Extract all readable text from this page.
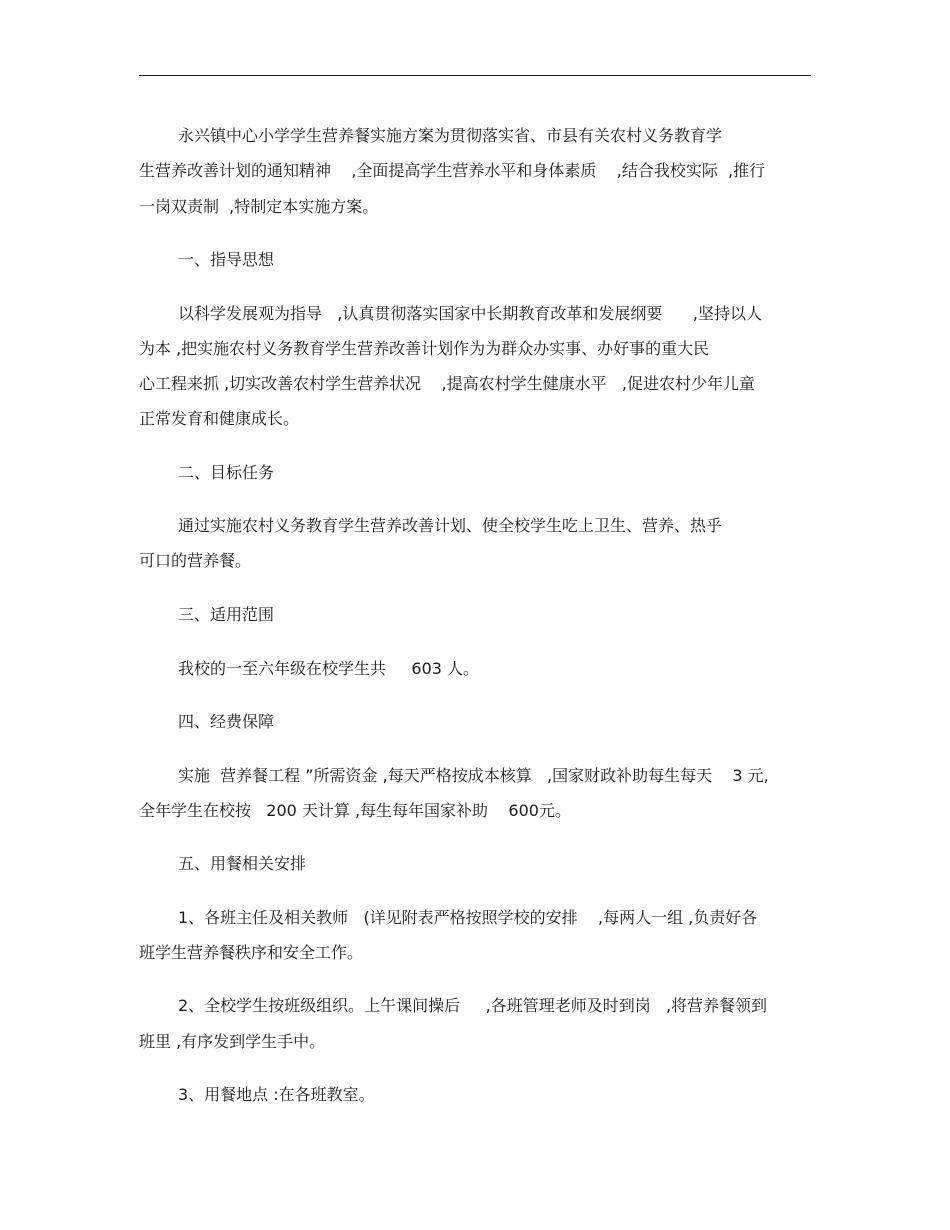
永兴镇中心小学学生营养餐实施方案为贯彻落实省、市县有关农村义务教育学

生营养改善计划的通知精神    ,全面提高学生营养水平和身体素质    ,结合我校实际  ,推行

一岗双责制  ,特制定本实施方案。

一、指导思想

以科学发展观为指导   ,认真贯彻落实国家中长期教育改革和发展纲要      ,坚持以人

为本 ,把实施农村义务教育学生营养改善计划作为为群众办实事、办好事的重大民

心工程来抓 ,切实改善农村学生营养状况    ,提高农村学生健康水平   ,促进农村少年儿童

正常发育和健康成长。

二、目标任务

通过实施农村义务教育学生营养改善计划、使全校学生吃上卫生、营养、热乎

可口的营养餐。

三、适用范围

我校的一至六年级在校学生共     603 人。

四、经费保障

实施  营养餐工程 ”所需资金 ,每天严格按成本核算   ,国家财政补助每生每天    3 元,

全年学生在校按   200 天计算 ,每生每年国家补助    600元。

五、用餐相关安排

1、各班主任及相关教师   (详见附表严格按照学校的安排    ,每两人一组 ,负责好各

班学生营养餐秩序和安全工作。

2、全校学生按班级组织。上午课间操后     ,各班管理老师及时到岗   ,将营养餐领到

班里 ,有序发到学生手中。

3、用餐地点 :在各班教室。
